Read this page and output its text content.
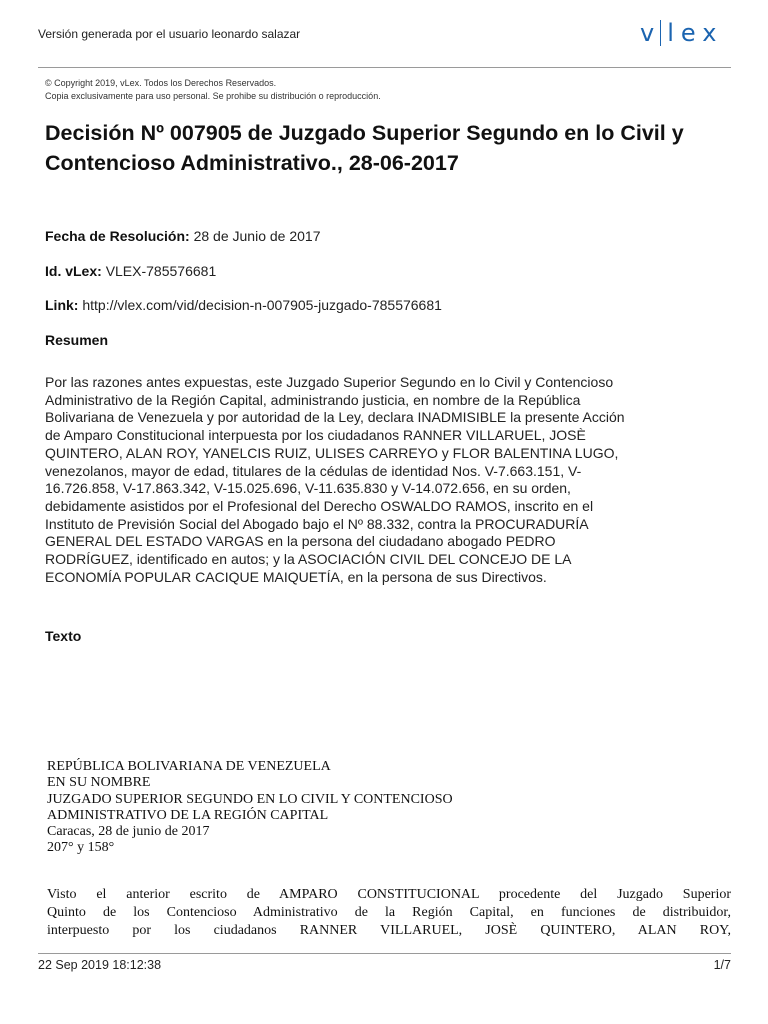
Versión generada por el usuario leonardo salazar	v lex
© Copyright 2019, vLex. Todos los Derechos Reservados.
Copia exclusivamente para uso personal. Se prohibe su distribución o reproducción.
Decisión Nº 007905 de Juzgado Superior Segundo en lo Civil y Contencioso Administrativo., 28-06-2017
Fecha de Resolución: 28 de Junio de 2017
Id. vLex: VLEX-785576681
Link: http://vlex.com/vid/decision-n-007905-juzgado-785576681
Resumen
Por las razones antes expuestas, este Juzgado Superior Segundo en lo Civil y Contencioso
Administrativo de la Región Capital, administrando justicia, en nombre de la República
Bolivariana de Venezuela y por autoridad de la Ley, declara INADMISIBLE la presente Acción
de Amparo Constitucional interpuesta por los ciudadanos RANNER VILLARUEL, JOSÈ
QUINTERO, ALAN ROY, YANELCIS RUIZ, ULISES CARREYO y FLOR BALENTINA LUGO,
venezolanos, mayor de edad, titulares de la cédulas de identidad Nos. V-7.663.151, V-
16.726.858, V-17.863.342, V-15.025.696, V-11.635.830 y V-14.072.656, en su orden,
debidamente asistidos por el Profesional del Derecho OSWALDO RAMOS, inscrito en el
Instituto de Previsión Social del Abogado bajo el Nº 88.332, contra la PROCURADURÍA
GENERAL DEL ESTADO VARGAS en la persona del ciudadano abogado PEDRO
RODRÍGUEZ, identificado en autos; y la ASOCIACIÓN CIVIL DEL CONCEJO DE LA
ECONOMÍA POPULAR CACIQUE MAIQUETÍA, en la persona de sus Directivos.
Texto
REPÚBLICA BOLIVARIANA DE VENEZUELA
EN SU NOMBRE
JUZGADO SUPERIOR SEGUNDO EN LO CIVIL Y CONTENCIOSO
ADMINISTRATIVO DE LA REGIÓN CAPITAL
Caracas, 28 de junio de 2017
207° y 158°
Visto el anterior escrito de AMPARO CONSTITUCIONAL procedente del Juzgado Superior
Quinto de los Contencioso Administrativo de la Región Capital, en funciones de distribuidor,
interpuesto por los ciudadanos RANNER VILLARUEL, JOSÈ QUINTERO, ALAN ROY,
22 Sep 2019 18:12:38	1/7
